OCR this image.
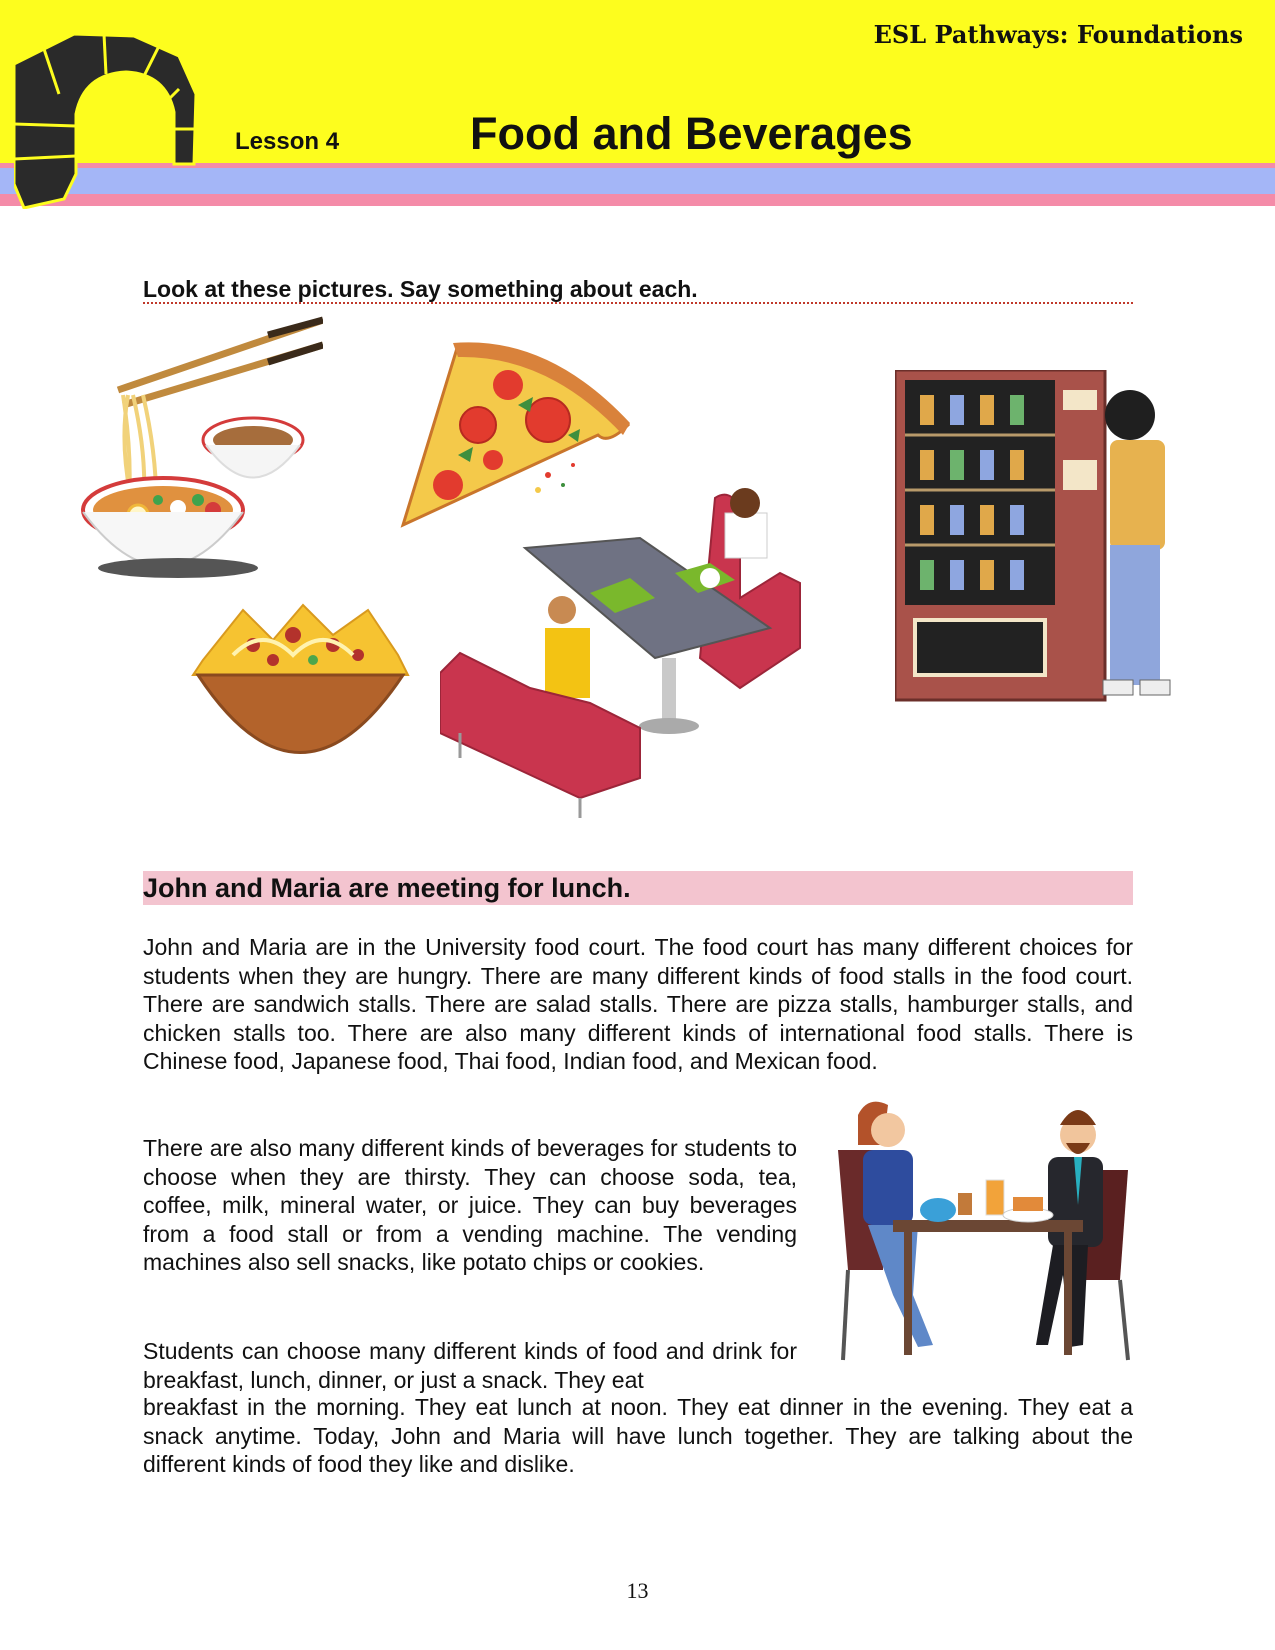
ESL Pathways: Foundations
Lesson 4	Food and Beverages
Look at these pictures. Say something about each.
John and Maria are meeting for lunch.

John and Maria are in the University food court. The food court has many different choices for students when they are hungry. There are many different kinds of food stalls in the food court. There are sandwich stalls. There are salad stalls. There are pizza stalls, hamburger stalls, and chicken stalls too. There are also many different kinds of international food stalls. There is Chinese food, Japanese food, Thai food, Indian food, and Mexican food.

There are also many different kinds of beverages for students to choose when they are thirsty. They can choose soda, tea, coffee, milk, mineral water, or juice. They can buy beverages from a food stall or from a vending machine. The vending machines also sell snacks, like potato chips or cookies.

Students can choose many different kinds of food and drink for breakfast, lunch, dinner, or just a snack. They eat

breakfast in the morning. They eat lunch at noon. They eat dinner in the evening. They eat a snack anytime. Today, John and Maria will have lunch together. They are talking about the different kinds of food they like and dislike.

13
